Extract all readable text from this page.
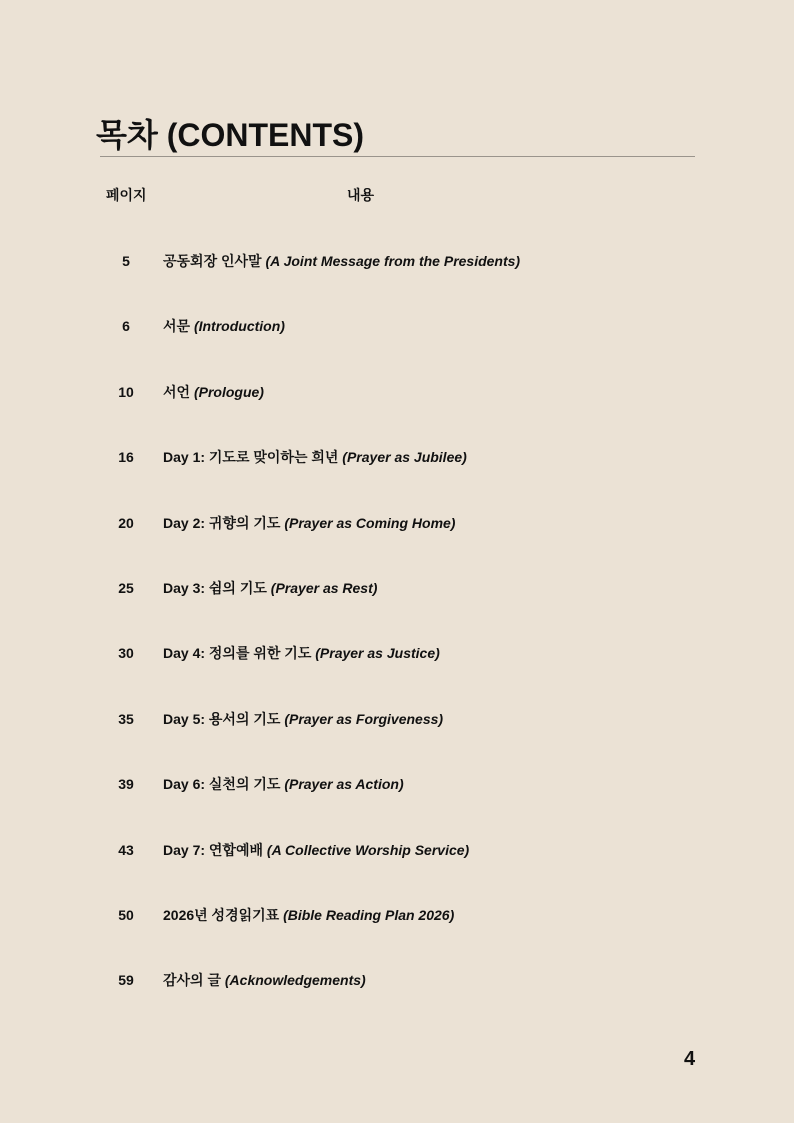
목차 (CONTENTS)
페이지	내용
5	공동회장 인사말 (A Joint Message from the Presidents)
6	서문 (Introduction)
10	서언 (Prologue)
16	Day 1: 기도로 맞이하는 희년 (Prayer as Jubilee)
20	Day 2: 귀향의 기도 (Prayer as Coming Home)
25	Day 3: 쉼의 기도 (Prayer as Rest)
30	Day 4: 정의를 위한 기도 (Prayer as Justice)
35	Day 5: 용서의 기도 (Prayer as Forgiveness)
39	Day 6: 실천의 기도 (Prayer as Action)
43	Day 7: 연합예배 (A Collective Worship Service)
50	2026년 성경읽기표 (Bible Reading Plan 2026)
59	감사의 글 (Acknowledgements)
4
